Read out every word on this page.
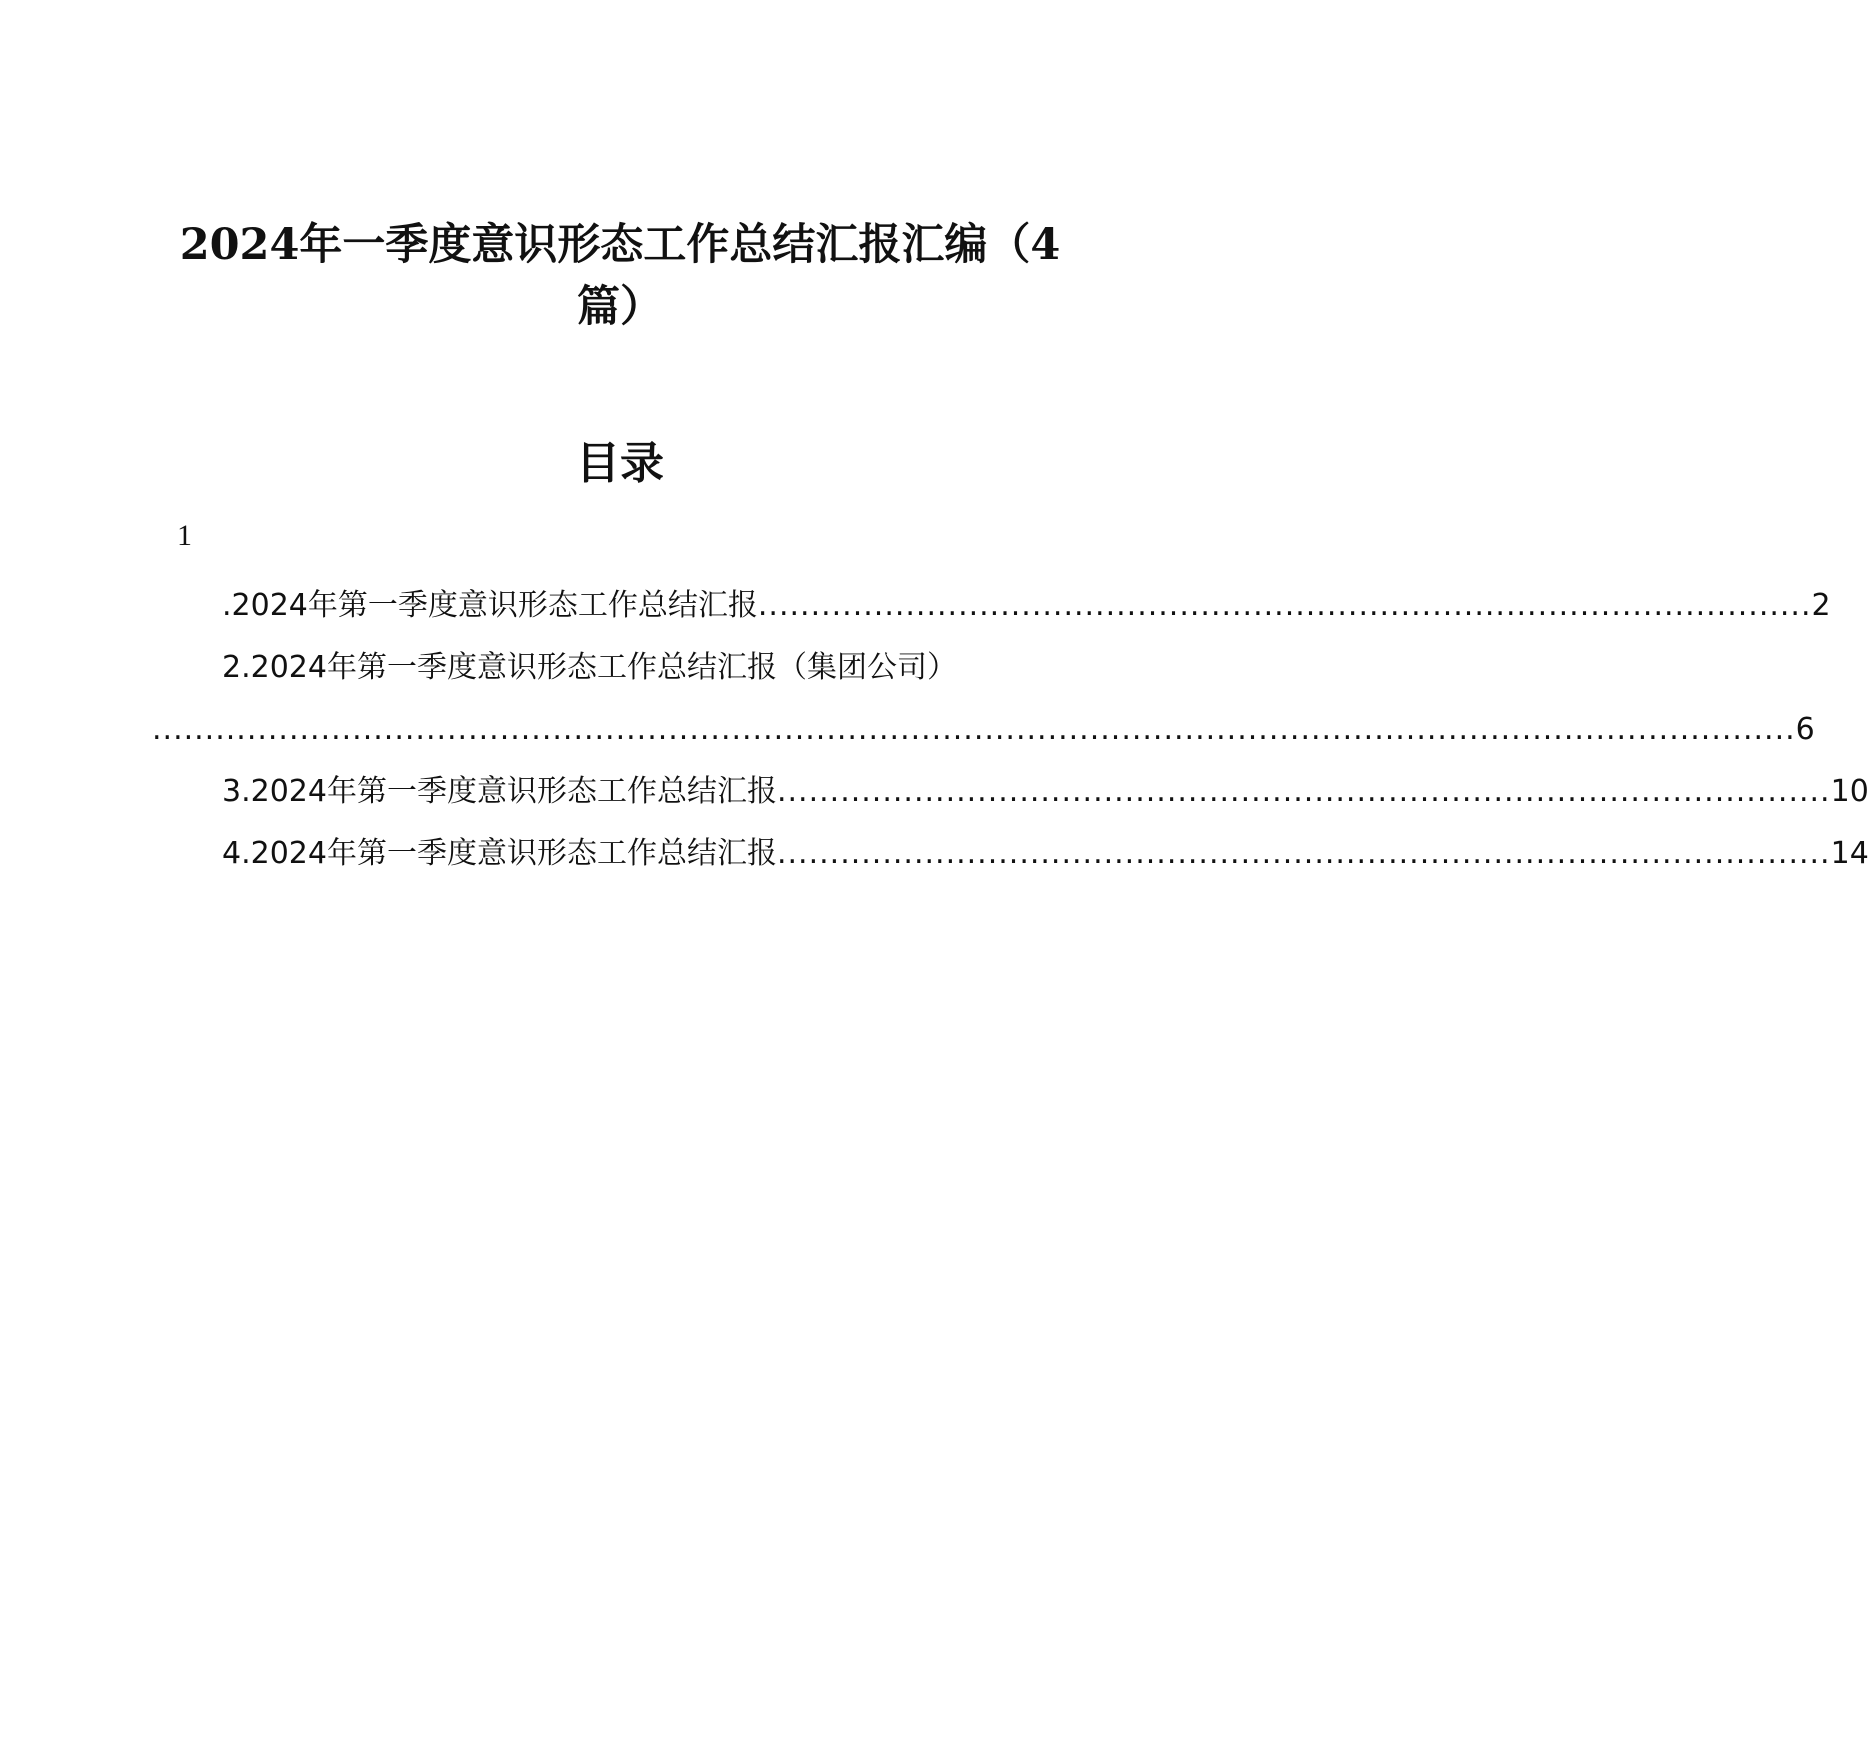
2024年一季度意识形态工作总结汇报汇编（4篇）
目录
1
.2024年第一季度意识形态工作总结汇报 .................................................................................................... 2
2.2024年第一季度意识形态工作总结汇报（集团公司）
............................................................................................................................................................ 6
3.2024年第一季度意识形态工作总结汇报 .................................................................................................... 10
4.2024年第一季度意识形态工作总结汇报 .................................................................................................... 14
